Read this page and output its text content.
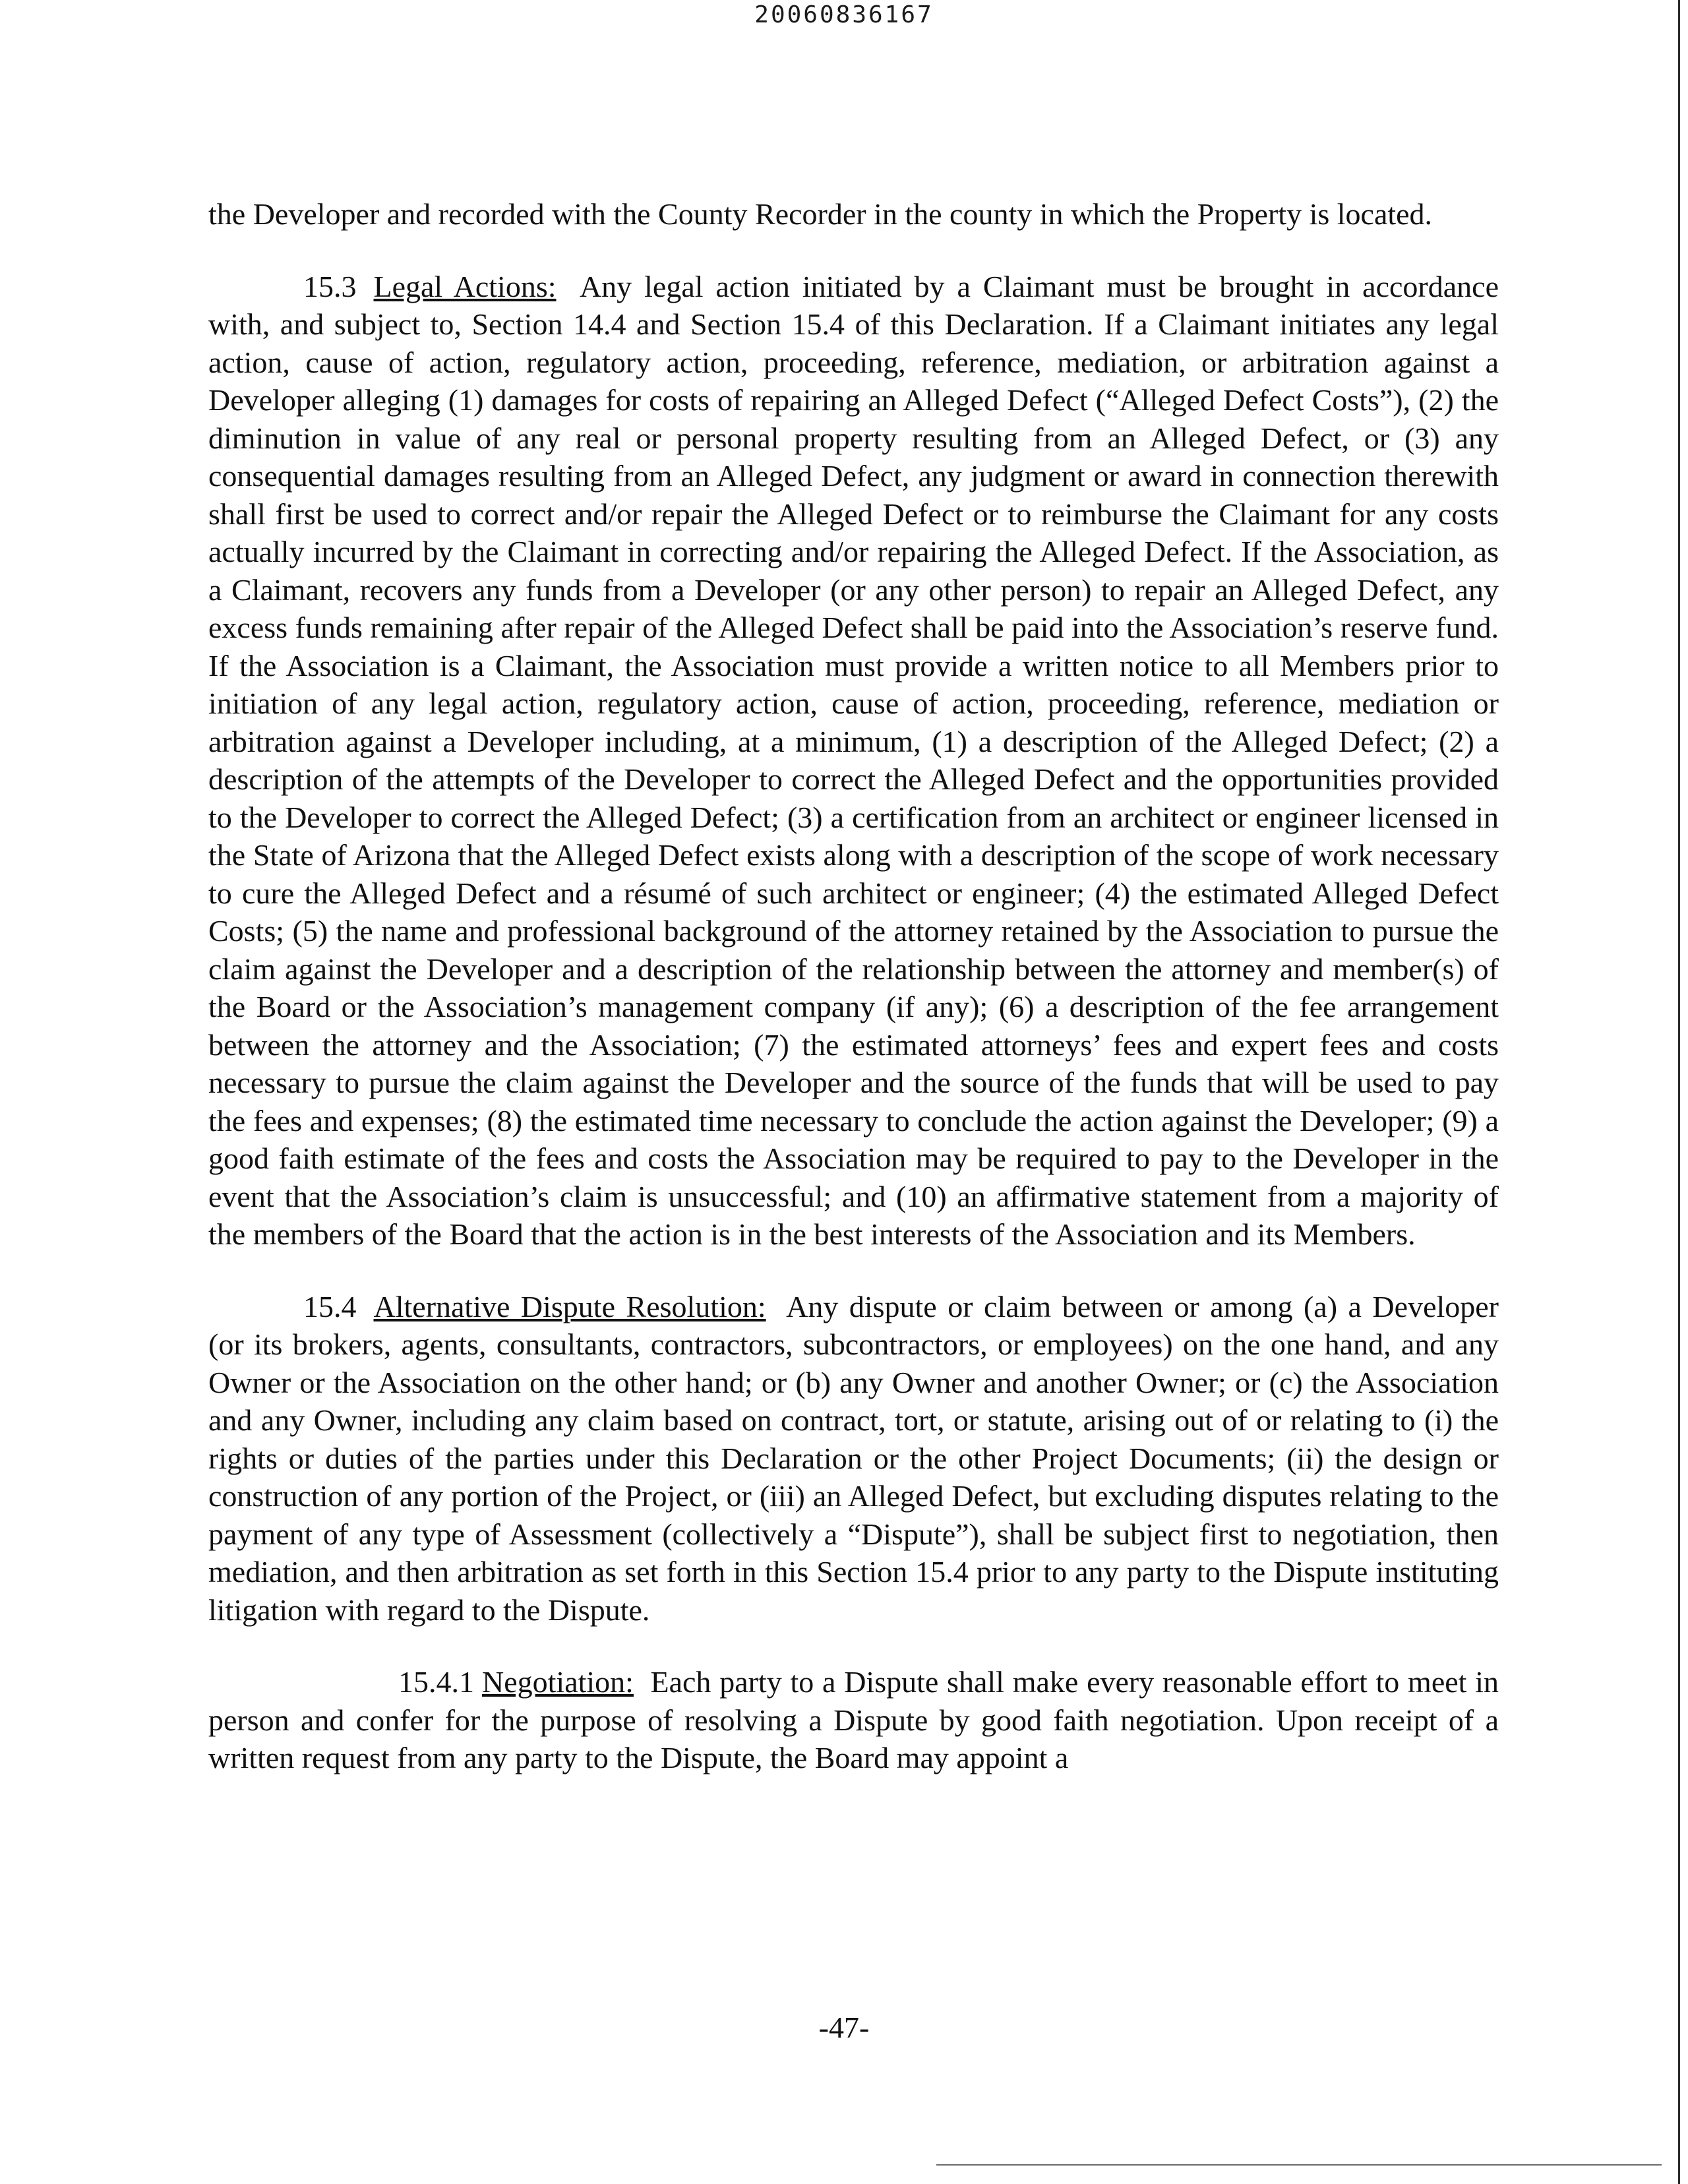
20060836167

the Developer and recorded with the County Recorder in the county in which the Property is located.

15.3 Legal Actions: Any legal action initiated by a Claimant must be brought in accordance with, and subject to, Section 14.4 and Section 15.4 of this Declaration. If a Claimant initiates any legal action, cause of action, regulatory action, proceeding, reference, mediation, or arbitration against a Developer alleging (1) damages for costs of repairing an Alleged Defect (“Alleged Defect Costs”), (2) the diminution in value of any real or personal property resulting from an Alleged Defect, or (3) any consequential damages resulting from an Alleged Defect, any judgment or award in connection therewith shall first be used to correct and/or repair the Alleged Defect or to reimburse the Claimant for any costs actually incurred by the Claimant in correcting and/or repairing the Alleged Defect. If the Association, as a Claimant, recovers any funds from a Developer (or any other person) to repair an Alleged Defect, any excess funds remaining after repair of the Alleged Defect shall be paid into the Association’s reserve fund. If the Association is a Claimant, the Association must provide a written notice to all Members prior to initiation of any legal action, regulatory action, cause of action, proceeding, reference, mediation or arbitration against a Developer including, at a minimum, (1) a description of the Alleged Defect; (2) a description of the attempts of the Developer to correct the Alleged Defect and the opportunities provided to the Developer to correct the Alleged Defect; (3) a certification from an architect or engineer licensed in the State of Arizona that the Alleged Defect exists along with a description of the scope of work necessary to cure the Alleged Defect and a résumé of such architect or engineer; (4) the estimated Alleged Defect Costs; (5) the name and professional background of the attorney retained by the Association to pursue the claim against the Developer and a description of the relationship between the attorney and member(s) of the Board or the Association’s management company (if any); (6) a description of the fee arrangement between the attorney and the Association; (7) the estimated attorneys’ fees and expert fees and costs necessary to pursue the claim against the Developer and the source of the funds that will be used to pay the fees and expenses; (8) the estimated time necessary to conclude the action against the Developer; (9) a good faith estimate of the fees and costs the Association may be required to pay to the Developer in the event that the Association’s claim is unsuccessful; and (10) an affirmative statement from a majority of the members of the Board that the action is in the best interests of the Association and its Members.

15.4 Alternative Dispute Resolution: Any dispute or claim between or among (a) a Developer (or its brokers, agents, consultants, contractors, subcontractors, or employees) on the one hand, and any Owner or the Association on the other hand; or (b) any Owner and another Owner; or (c) the Association and any Owner, including any claim based on contract, tort, or statute, arising out of or relating to (i) the rights or duties of the parties under this Declaration or the other Project Documents; (ii) the design or construction of any portion of the Project, or (iii) an Alleged Defect, but excluding disputes relating to the payment of any type of Assessment (collectively a “Dispute”), shall be subject first to negotiation, then mediation, and then arbitration as set forth in this Section 15.4 prior to any party to the Dispute instituting litigation with regard to the Dispute.

15.4.1 Negotiation: Each party to a Dispute shall make every reasonable effort to meet in person and confer for the purpose of resolving a Dispute by good faith negotiation. Upon receipt of a written request from any party to the Dispute, the Board may appoint a

-47-
